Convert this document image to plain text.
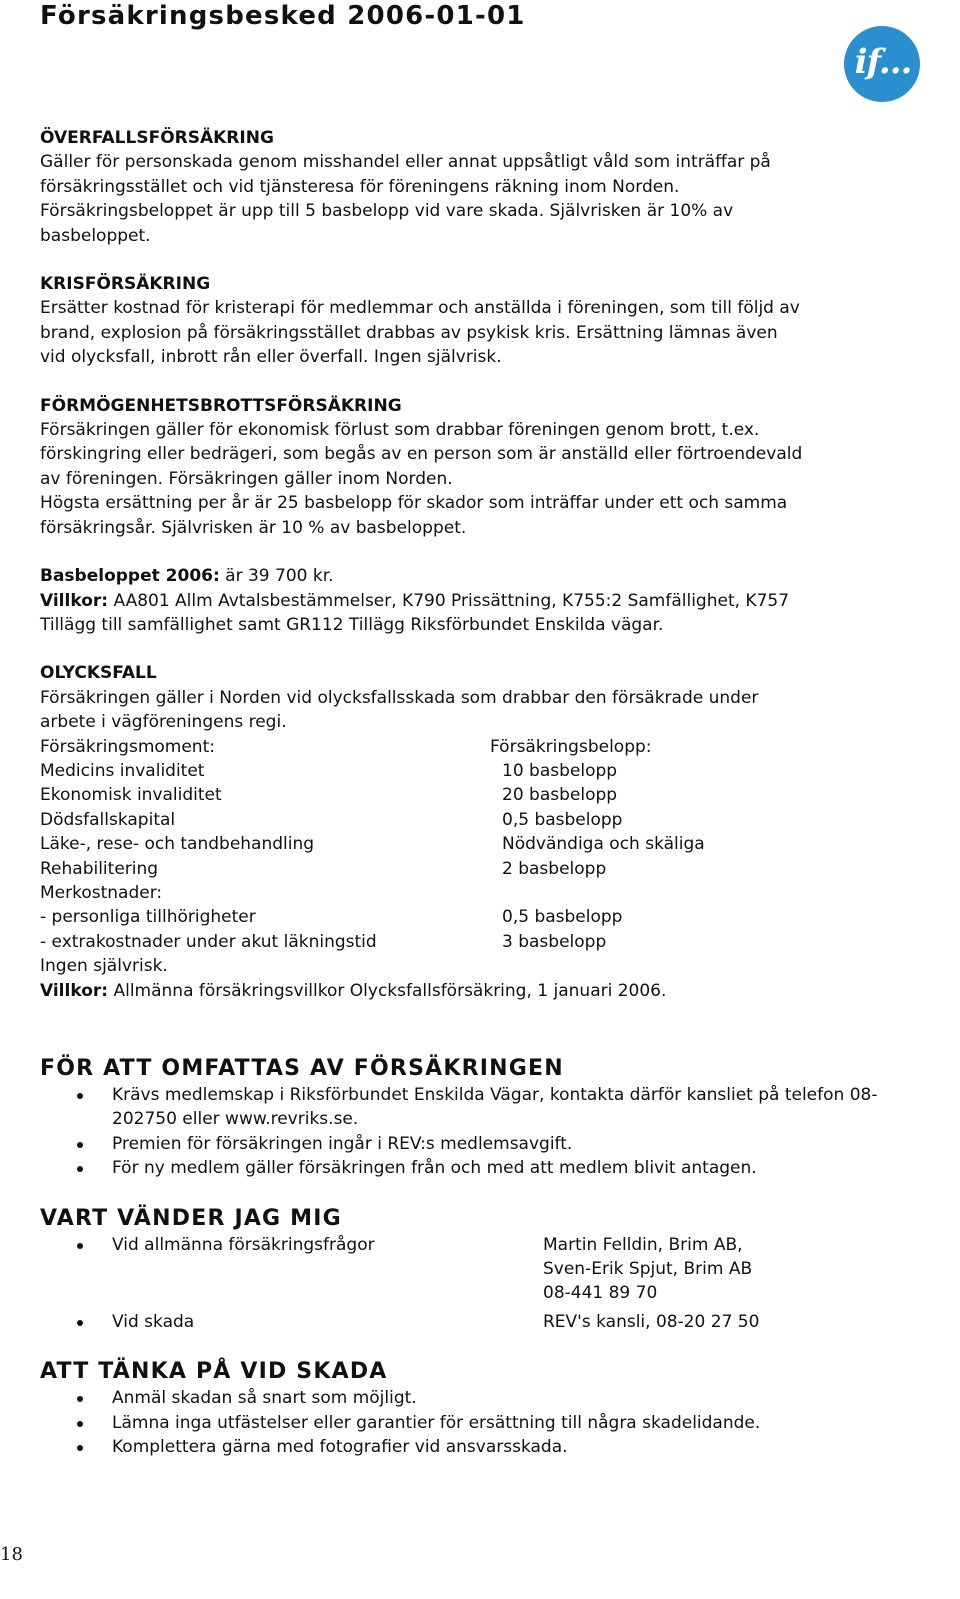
Försäkringsbesked 2006-01-01
if...

ÖVERFALLSFÖRSÄKRING

Gäller för personskada genom misshandel eller annat uppsåtligt våld som inträffar på

försäkringsstället och vid tjänsteresa för föreningens räkning inom Norden.

Försäkringsbeloppet är upp till 5 basbelopp vid vare skada. Självrisken är 10% av

basbeloppet.

KRISFÖRSÄKRING

Ersätter kostnad för kristerapi för medlemmar och anställda i föreningen, som till följd av

brand, explosion på försäkringsstället drabbas av psykisk kris. Ersättning lämnas även

vid olycksfall, inbrott rån eller överfall. Ingen självrisk.

FÖRMÖGENHETSBROTTSFÖRSÄKRING

Försäkringen gäller för ekonomisk förlust som drabbar föreningen genom brott, t.ex.

förskingring eller bedrägeri, som begås av en person som är anställd eller förtroendevald

av föreningen. Försäkringen gäller inom Norden.

Högsta ersättning per år är 25 basbelopp för skador som inträffar under ett och samma

försäkringsår. Självrisken är 10 % av basbeloppet.

Basbeloppet 2006: är 39 700 kr.

Villkor: AA801 Allm Avtalsbestämmelser, K790 Prissättning, K755:2 Samfällighet, K757

Tillägg till samfällighet samt GR112 Tillägg Riksförbundet Enskilda vägar.

OLYCKSFALL

Försäkringen gäller i Norden vid olycksfallsskada som drabbar den försäkrade under

arbete i vägföreningens regi.

Försäkringsmoment:	Försäkringsbelopp:
Medicins invaliditet	10 basbelopp
Ekonomisk invaliditet	20 basbelopp
Dödsfallskapital	0,5 basbelopp
Läke-, rese- och tandbehandling	Nödvändiga och skäliga
Rehabilitering	2 basbelopp
Merkostnader:
- personliga tillhörigheter	0,5 basbelopp
- extrakostnader under akut läkningstid	3 basbelopp

Ingen självrisk.

Villkor: Allmänna försäkringsvillkor Olycksfallsförsäkring, 1 januari 2006.

FÖR ATT OMFATTAS AV FÖRSÄKRINGEN

Krävs medlemskap i Riksförbundet Enskilda Vägar, kontakta därför kansliet på telefon 08-202750 eller www.revriks.se.
Premien för försäkringen ingår i REV:s medlemsavgift.
För ny medlem gäller försäkringen från och med att medlem blivit antagen.

VART VÄNDER JAG MIG

Vid allmänna försäkringsfrågor	Martin Felldin, Brim AB,
Sven-Erik Spjut, Brim AB
08-441 89 70
Vid skada	REV's kansli, 08-20 27 50

ATT TÄNKA PÅ VID SKADA

Anmäl skadan så snart som möjligt.
Lämna inga utfästelser eller garantier för ersättning till några skadelidande.
Komplettera gärna med fotografier vid ansvarsskada.
18
